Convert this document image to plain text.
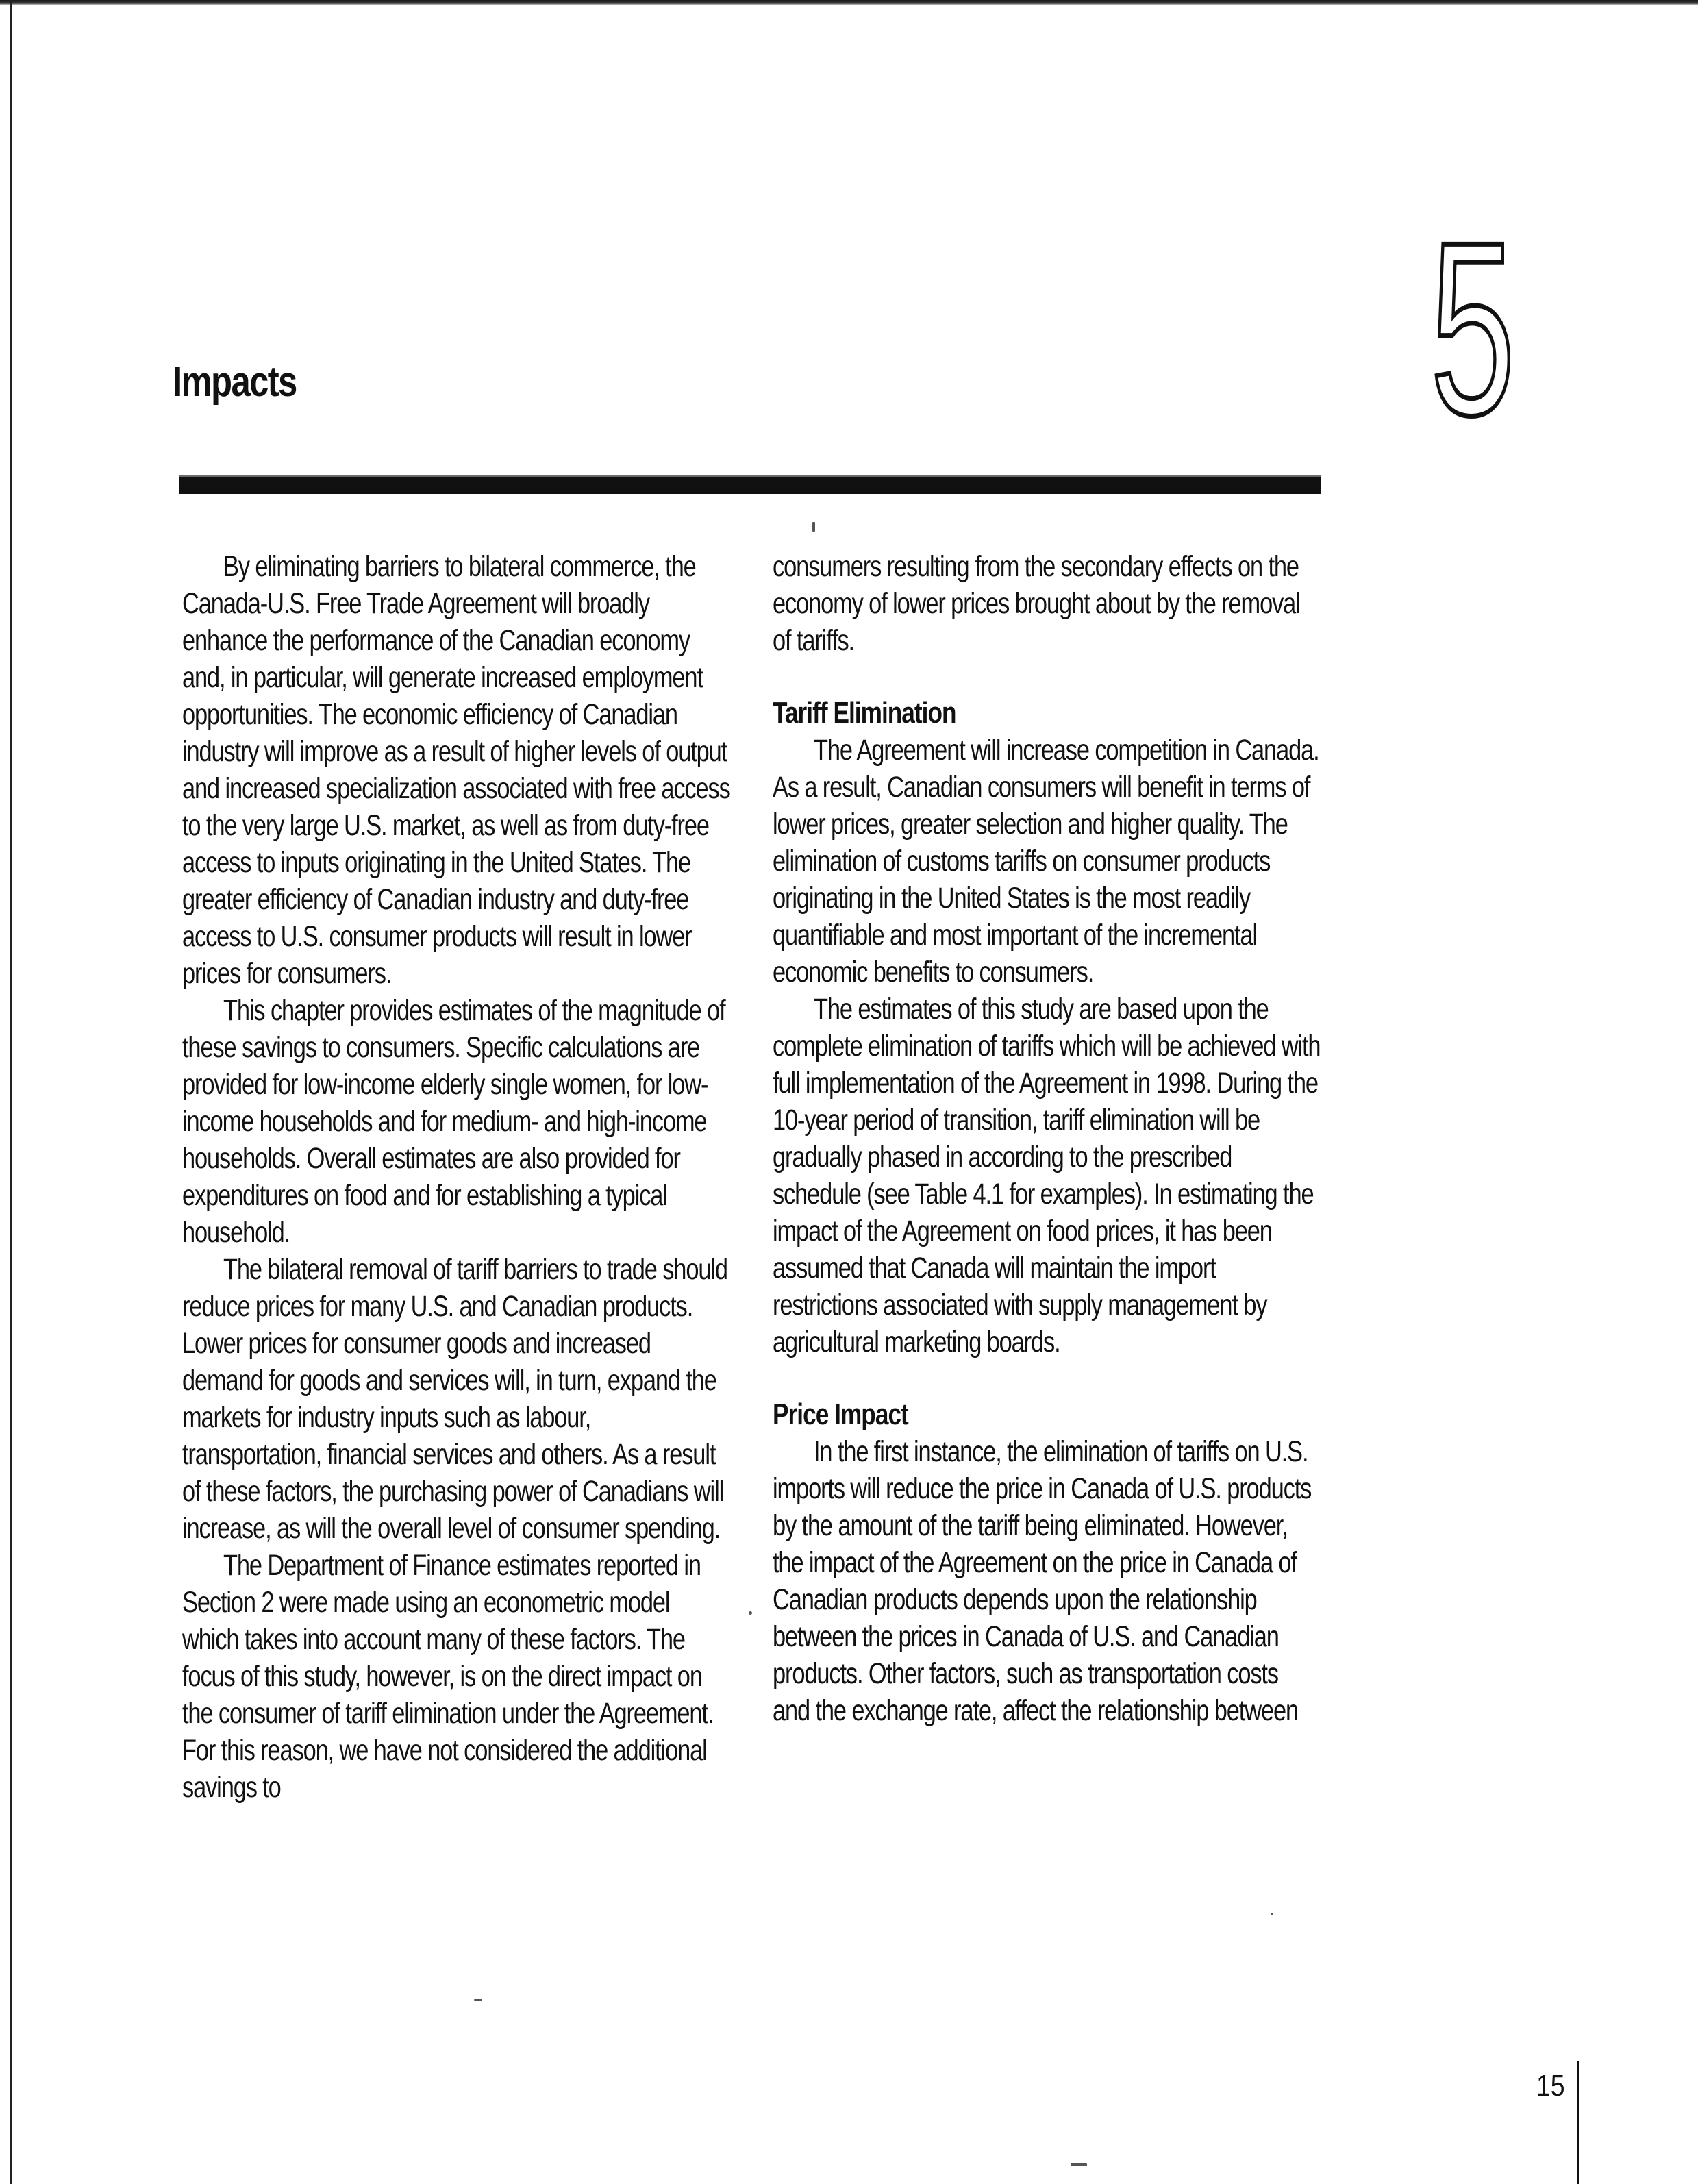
Impacts	5

By eliminating barriers to bilateral commerce, the Canada-U.S. Free Trade Agreement will broadly enhance the performance of the Canadian economy and, in particular, will generate increased employment opportunities. The economic efficiency of Canadian industry will improve as a result of higher levels of output and increased specialization associated with free access to the very large U.S. market, as well as from duty-free access to inputs originating in the United States. The greater efficiency of Canadian industry and duty-free access to U.S. consumer products will result in lower prices for consumers.

This chapter provides estimates of the magnitude of these savings to consumers. Specific calculations are provided for low-income elderly single women, for low-income households and for medium- and high-income households. Overall estimates are also provided for expenditures on food and for establishing a typical household.

The bilateral removal of tariff barriers to trade should reduce prices for many U.S. and Canadian products. Lower prices for consumer goods and increased demand for goods and services will, in turn, expand the markets for industry inputs such as labour, transportation, financial services and others. As a result of these factors, the purchasing power of Canadians will increase, as will the overall level of consumer spending.

The Department of Finance estimates reported in Section 2 were made using an econometric model which takes into account many of these factors. The focus of this study, however, is on the direct impact on the consumer of tariff elimination under the Agreement. For this reason, we have not considered the additional savings to

consumers resulting from the secondary effects on the economy of lower prices brought about by the removal of tariffs.

Tariff Elimination

The Agreement will increase competition in Canada. As a result, Canadian consumers will benefit in terms of lower prices, greater selection and higher quality. The elimination of customs tariffs on consumer products originating in the United States is the most readily quantifiable and most important of the incremental economic benefits to consumers.

The estimates of this study are based upon the complete elimination of tariffs which will be achieved with full implementation of the Agreement in 1998. During the 10-year period of transition, tariff elimination will be gradually phased in according to the prescribed schedule (see Table 4.1 for examples). In estimating the impact of the Agreement on food prices, it has been assumed that Canada will maintain the import restrictions associated with supply management by agricultural marketing boards.

Price Impact

In the first instance, the elimination of tariffs on U.S. imports will reduce the price in Canada of U.S. products by the amount of the tariff being eliminated. However, the impact of the Agreement on the price in Canada of Canadian products depends upon the relationship between the prices in Canada of U.S. and Canadian products. Other factors, such as transportation costs and the exchange rate, affect the relationship between

15
